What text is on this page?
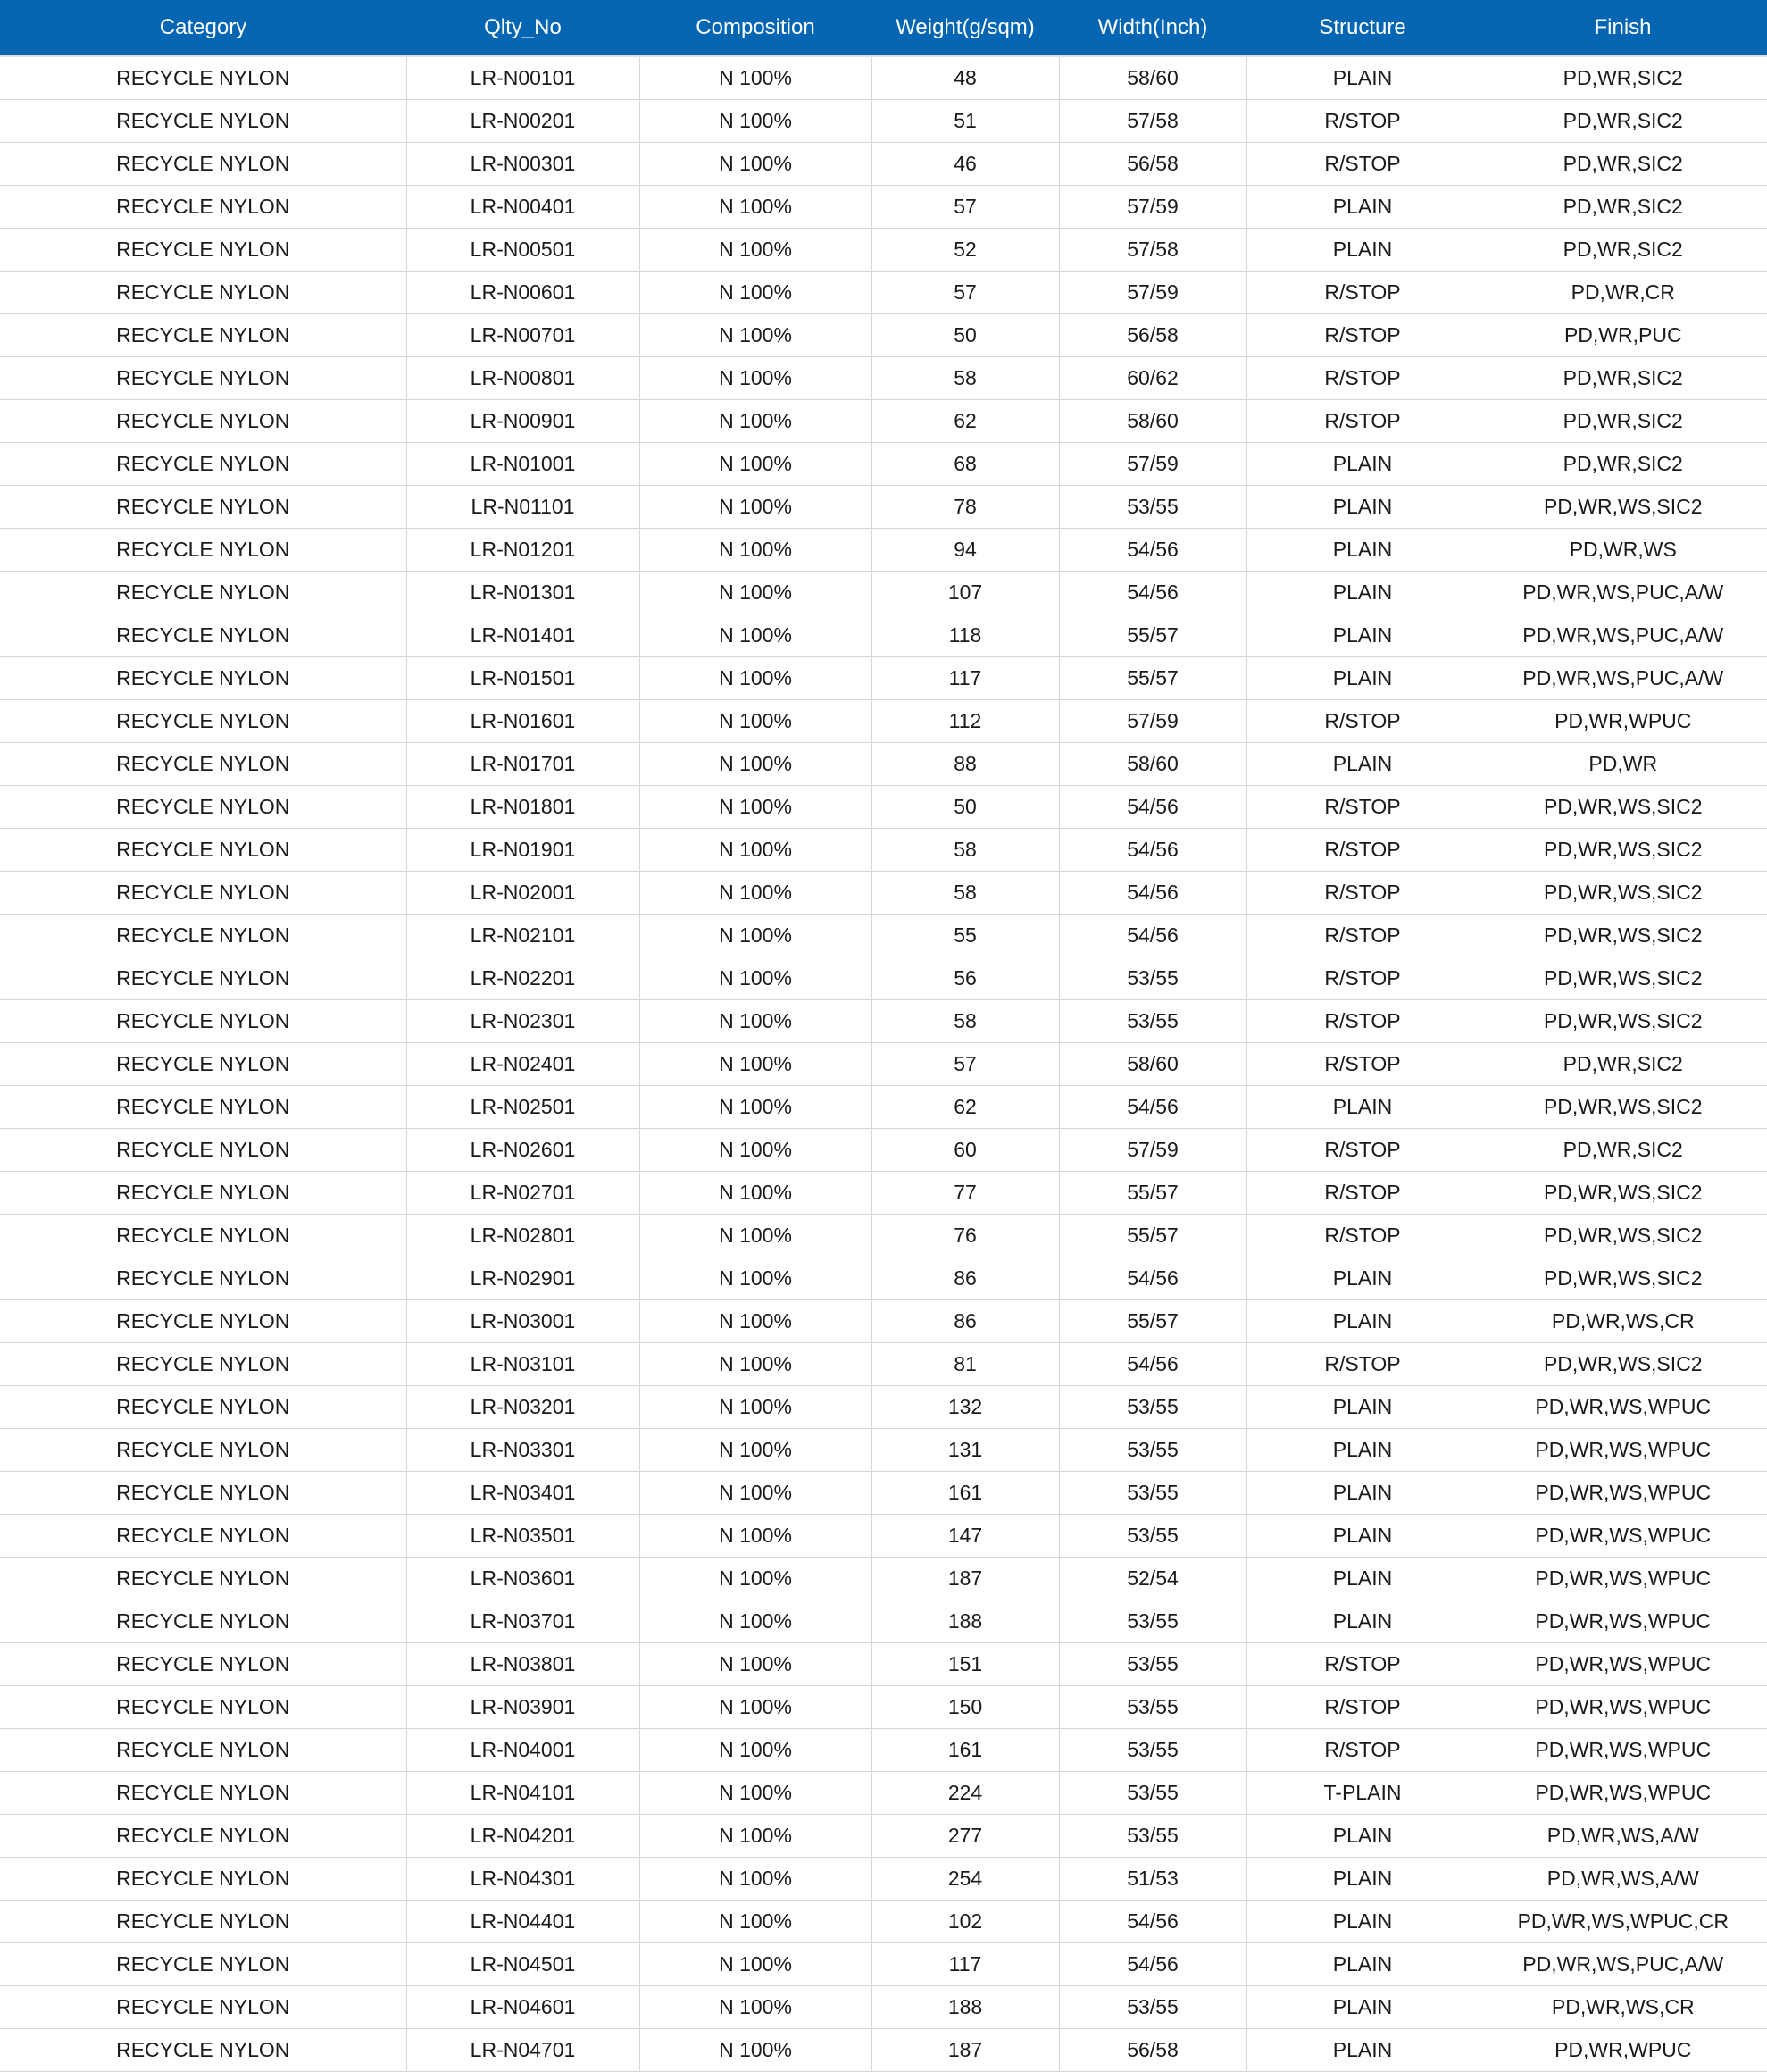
Category	Qlty_No	Composition	Weight(g/sqm)	Width(Inch)	Structure	Finish
RECYCLE NYLON	LR-N00101	N 100%	48	58/60	PLAIN	PD,WR,SIC2
RECYCLE NYLON	LR-N00201	N 100%	51	57/58	R/STOP	PD,WR,SIC2
RECYCLE NYLON	LR-N00301	N 100%	46	56/58	R/STOP	PD,WR,SIC2
RECYCLE NYLON	LR-N00401	N 100%	57	57/59	PLAIN	PD,WR,SIC2
RECYCLE NYLON	LR-N00501	N 100%	52	57/58	PLAIN	PD,WR,SIC2
RECYCLE NYLON	LR-N00601	N 100%	57	57/59	R/STOP	PD,WR,CR
RECYCLE NYLON	LR-N00701	N 100%	50	56/58	R/STOP	PD,WR,PUC
RECYCLE NYLON	LR-N00801	N 100%	58	60/62	R/STOP	PD,WR,SIC2
RECYCLE NYLON	LR-N00901	N 100%	62	58/60	R/STOP	PD,WR,SIC2
RECYCLE NYLON	LR-N01001	N 100%	68	57/59	PLAIN	PD,WR,SIC2
RECYCLE NYLON	LR-N01101	N 100%	78	53/55	PLAIN	PD,WR,WS,SIC2
RECYCLE NYLON	LR-N01201	N 100%	94	54/56	PLAIN	PD,WR,WS
RECYCLE NYLON	LR-N01301	N 100%	107	54/56	PLAIN	PD,WR,WS,PUC,A/W
RECYCLE NYLON	LR-N01401	N 100%	118	55/57	PLAIN	PD,WR,WS,PUC,A/W
RECYCLE NYLON	LR-N01501	N 100%	117	55/57	PLAIN	PD,WR,WS,PUC,A/W
RECYCLE NYLON	LR-N01601	N 100%	112	57/59	R/STOP	PD,WR,WPUC
RECYCLE NYLON	LR-N01701	N 100%	88	58/60	PLAIN	PD,WR
RECYCLE NYLON	LR-N01801	N 100%	50	54/56	R/STOP	PD,WR,WS,SIC2
RECYCLE NYLON	LR-N01901	N 100%	58	54/56	R/STOP	PD,WR,WS,SIC2
RECYCLE NYLON	LR-N02001	N 100%	58	54/56	R/STOP	PD,WR,WS,SIC2
RECYCLE NYLON	LR-N02101	N 100%	55	54/56	R/STOP	PD,WR,WS,SIC2
RECYCLE NYLON	LR-N02201	N 100%	56	53/55	R/STOP	PD,WR,WS,SIC2
RECYCLE NYLON	LR-N02301	N 100%	58	53/55	R/STOP	PD,WR,WS,SIC2
RECYCLE NYLON	LR-N02401	N 100%	57	58/60	R/STOP	PD,WR,SIC2
RECYCLE NYLON	LR-N02501	N 100%	62	54/56	PLAIN	PD,WR,WS,SIC2
RECYCLE NYLON	LR-N02601	N 100%	60	57/59	R/STOP	PD,WR,SIC2
RECYCLE NYLON	LR-N02701	N 100%	77	55/57	R/STOP	PD,WR,WS,SIC2
RECYCLE NYLON	LR-N02801	N 100%	76	55/57	R/STOP	PD,WR,WS,SIC2
RECYCLE NYLON	LR-N02901	N 100%	86	54/56	PLAIN	PD,WR,WS,SIC2
RECYCLE NYLON	LR-N03001	N 100%	86	55/57	PLAIN	PD,WR,WS,CR
RECYCLE NYLON	LR-N03101	N 100%	81	54/56	R/STOP	PD,WR,WS,SIC2
RECYCLE NYLON	LR-N03201	N 100%	132	53/55	PLAIN	PD,WR,WS,WPUC
RECYCLE NYLON	LR-N03301	N 100%	131	53/55	PLAIN	PD,WR,WS,WPUC
RECYCLE NYLON	LR-N03401	N 100%	161	53/55	PLAIN	PD,WR,WS,WPUC
RECYCLE NYLON	LR-N03501	N 100%	147	53/55	PLAIN	PD,WR,WS,WPUC
RECYCLE NYLON	LR-N03601	N 100%	187	52/54	PLAIN	PD,WR,WS,WPUC
RECYCLE NYLON	LR-N03701	N 100%	188	53/55	PLAIN	PD,WR,WS,WPUC
RECYCLE NYLON	LR-N03801	N 100%	151	53/55	R/STOP	PD,WR,WS,WPUC
RECYCLE NYLON	LR-N03901	N 100%	150	53/55	R/STOP	PD,WR,WS,WPUC
RECYCLE NYLON	LR-N04001	N 100%	161	53/55	R/STOP	PD,WR,WS,WPUC
RECYCLE NYLON	LR-N04101	N 100%	224	53/55	T-PLAIN	PD,WR,WS,WPUC
RECYCLE NYLON	LR-N04201	N 100%	277	53/55	PLAIN	PD,WR,WS,A/W
RECYCLE NYLON	LR-N04301	N 100%	254	51/53	PLAIN	PD,WR,WS,A/W
RECYCLE NYLON	LR-N04401	N 100%	102	54/56	PLAIN	PD,WR,WS,WPUC,CR
RECYCLE NYLON	LR-N04501	N 100%	117	54/56	PLAIN	PD,WR,WS,PUC,A/W
RECYCLE NYLON	LR-N04601	N 100%	188	53/55	PLAIN	PD,WR,WS,CR
RECYCLE NYLON	LR-N04701	N 100%	187	56/58	PLAIN	PD,WR,WPUC
